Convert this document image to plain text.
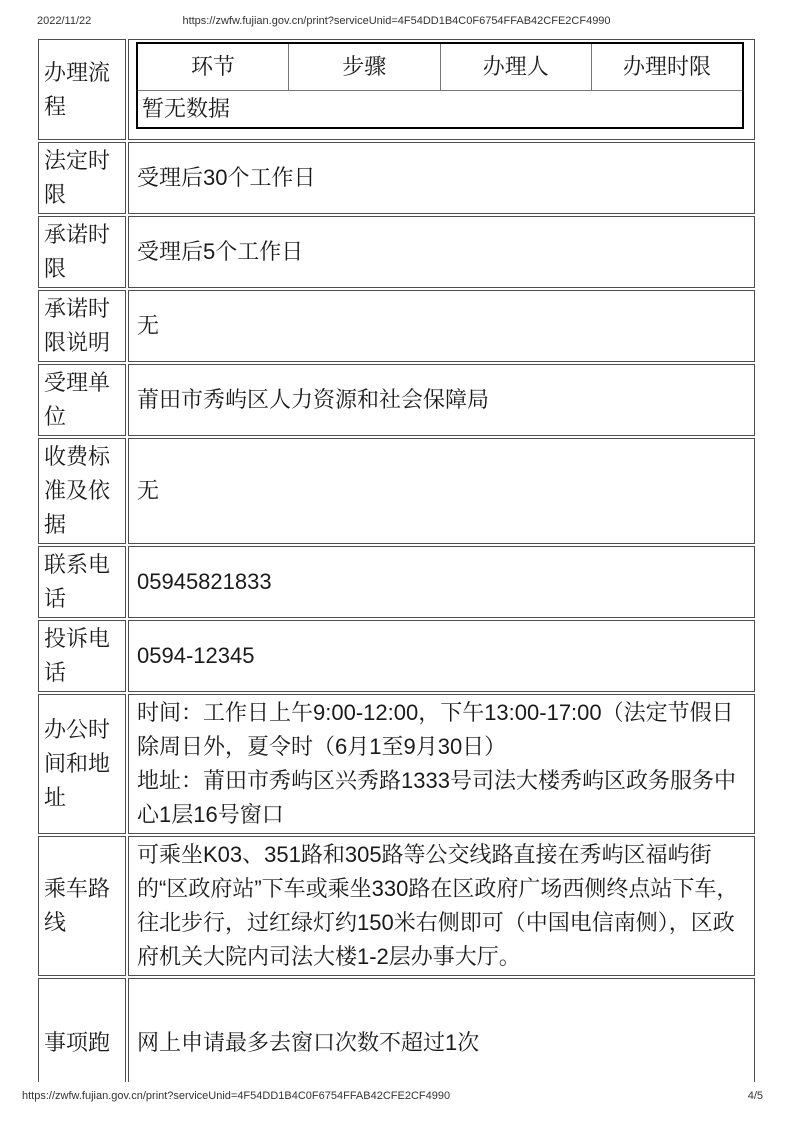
2022/11/22	https://zwfw.fujian.gov.cn/print?serviceUnid=4F54DD1B4C0F6754FFAB42CFE2CF4990
办理流程	
环节	步骤	办理人	办理时限
暂无数据

法定时限	受理后30个工作日
承诺时限	受理后5个工作日
承诺时限说明	无
受理单位	莆田市秀屿区人力资源和社会保障局
收费标准及依据	无
联系电话	05945821833
投诉电话	0594-12345
办公时间和地址	
时间：工作日上午9:00-12:00，下午13:00-17:00（法定节假日除周日外，夏令时（6月1至9月30日）
地址：莆田市秀屿区兴秀路1333号司法大楼秀屿区政务服务中心1层16号窗口

乘车路线	可乘坐K03、351路和305路等公交线路直接在秀屿区福屿街的“区政府站”下车或乘坐330路在区政府广场西侧终点站下车，往北步行，过红绿灯约150米右侧即可（中国电信南侧），区政府机关大院内司法大楼1-2层办事大厅。
事项跑	网上申请最多去窗口次数不超过1次
https://zwfw.fujian.gov.cn/print?serviceUnid=4F54DD1B4C0F6754FFAB42CFE2CF4990	4/5
